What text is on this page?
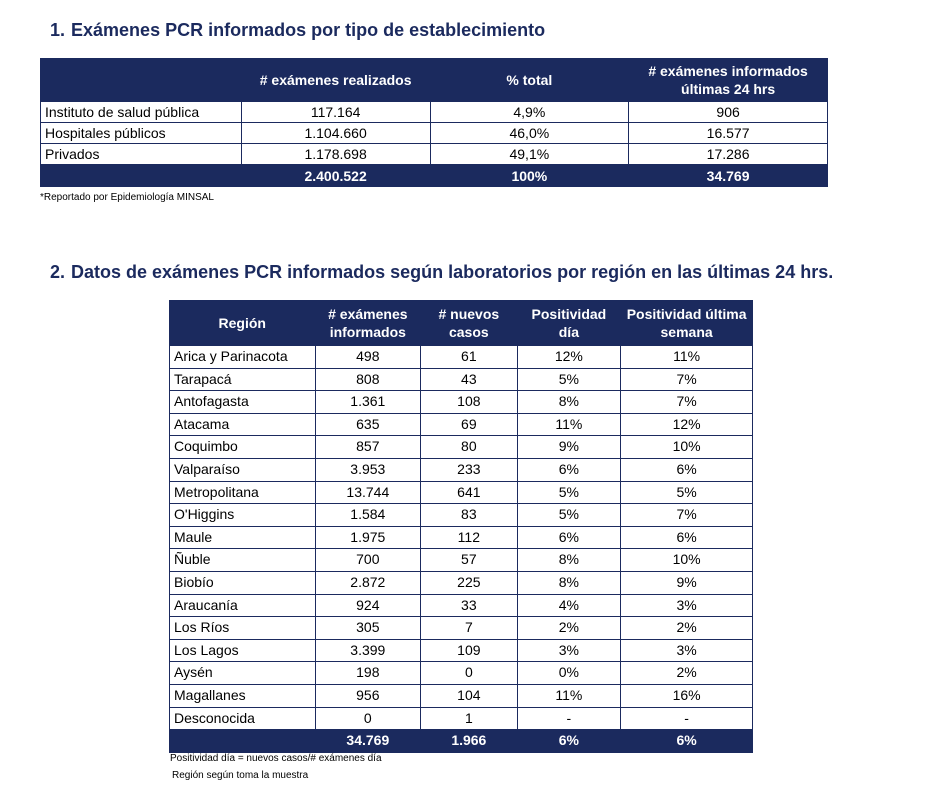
1. Exámenes PCR informados por tipo de establecimiento
	# exámenes realizados	% total	# exámenes informados últimas 24 hrs
Instituto de salud pública	117.164	4,9%	906
Hospitales públicos	1.104.660	46,0%	16.577
Privados	1.178.698	49,1%	17.286
	2.400.522	100%	34.769
*Reportado por Epidemiología MINSAL
2. Datos de exámenes PCR informados según laboratorios por región en las últimas 24 hrs.
Región	# exámenes informados	# nuevos casos	Positividad día	Positividad última semana
Arica y Parinacota	498	61	12%	11%
Tarapacá	808	43	5%	7%
Antofagasta	1.361	108	8%	7%
Atacama	635	69	11%	12%
Coquimbo	857	80	9%	10%
Valparaíso	3.953	233	6%	6%
Metropolitana	13.744	641	5%	5%
O'Higgins	1.584	83	5%	7%
Maule	1.975	112	6%	6%
Ñuble	700	57	8%	10%
Biobío	2.872	225	8%	9%
Araucanía	924	33	4%	3%
Los Ríos	305	7	2%	2%
Los Lagos	3.399	109	3%	3%
Aysén	198	0	0%	2%
Magallanes	956	104	11%	16%
Desconocida	0	1	-	-
	34.769	1.966	6%	6%
Positividad día = nuevos casos/# exámenes día
Región según toma la muestra
